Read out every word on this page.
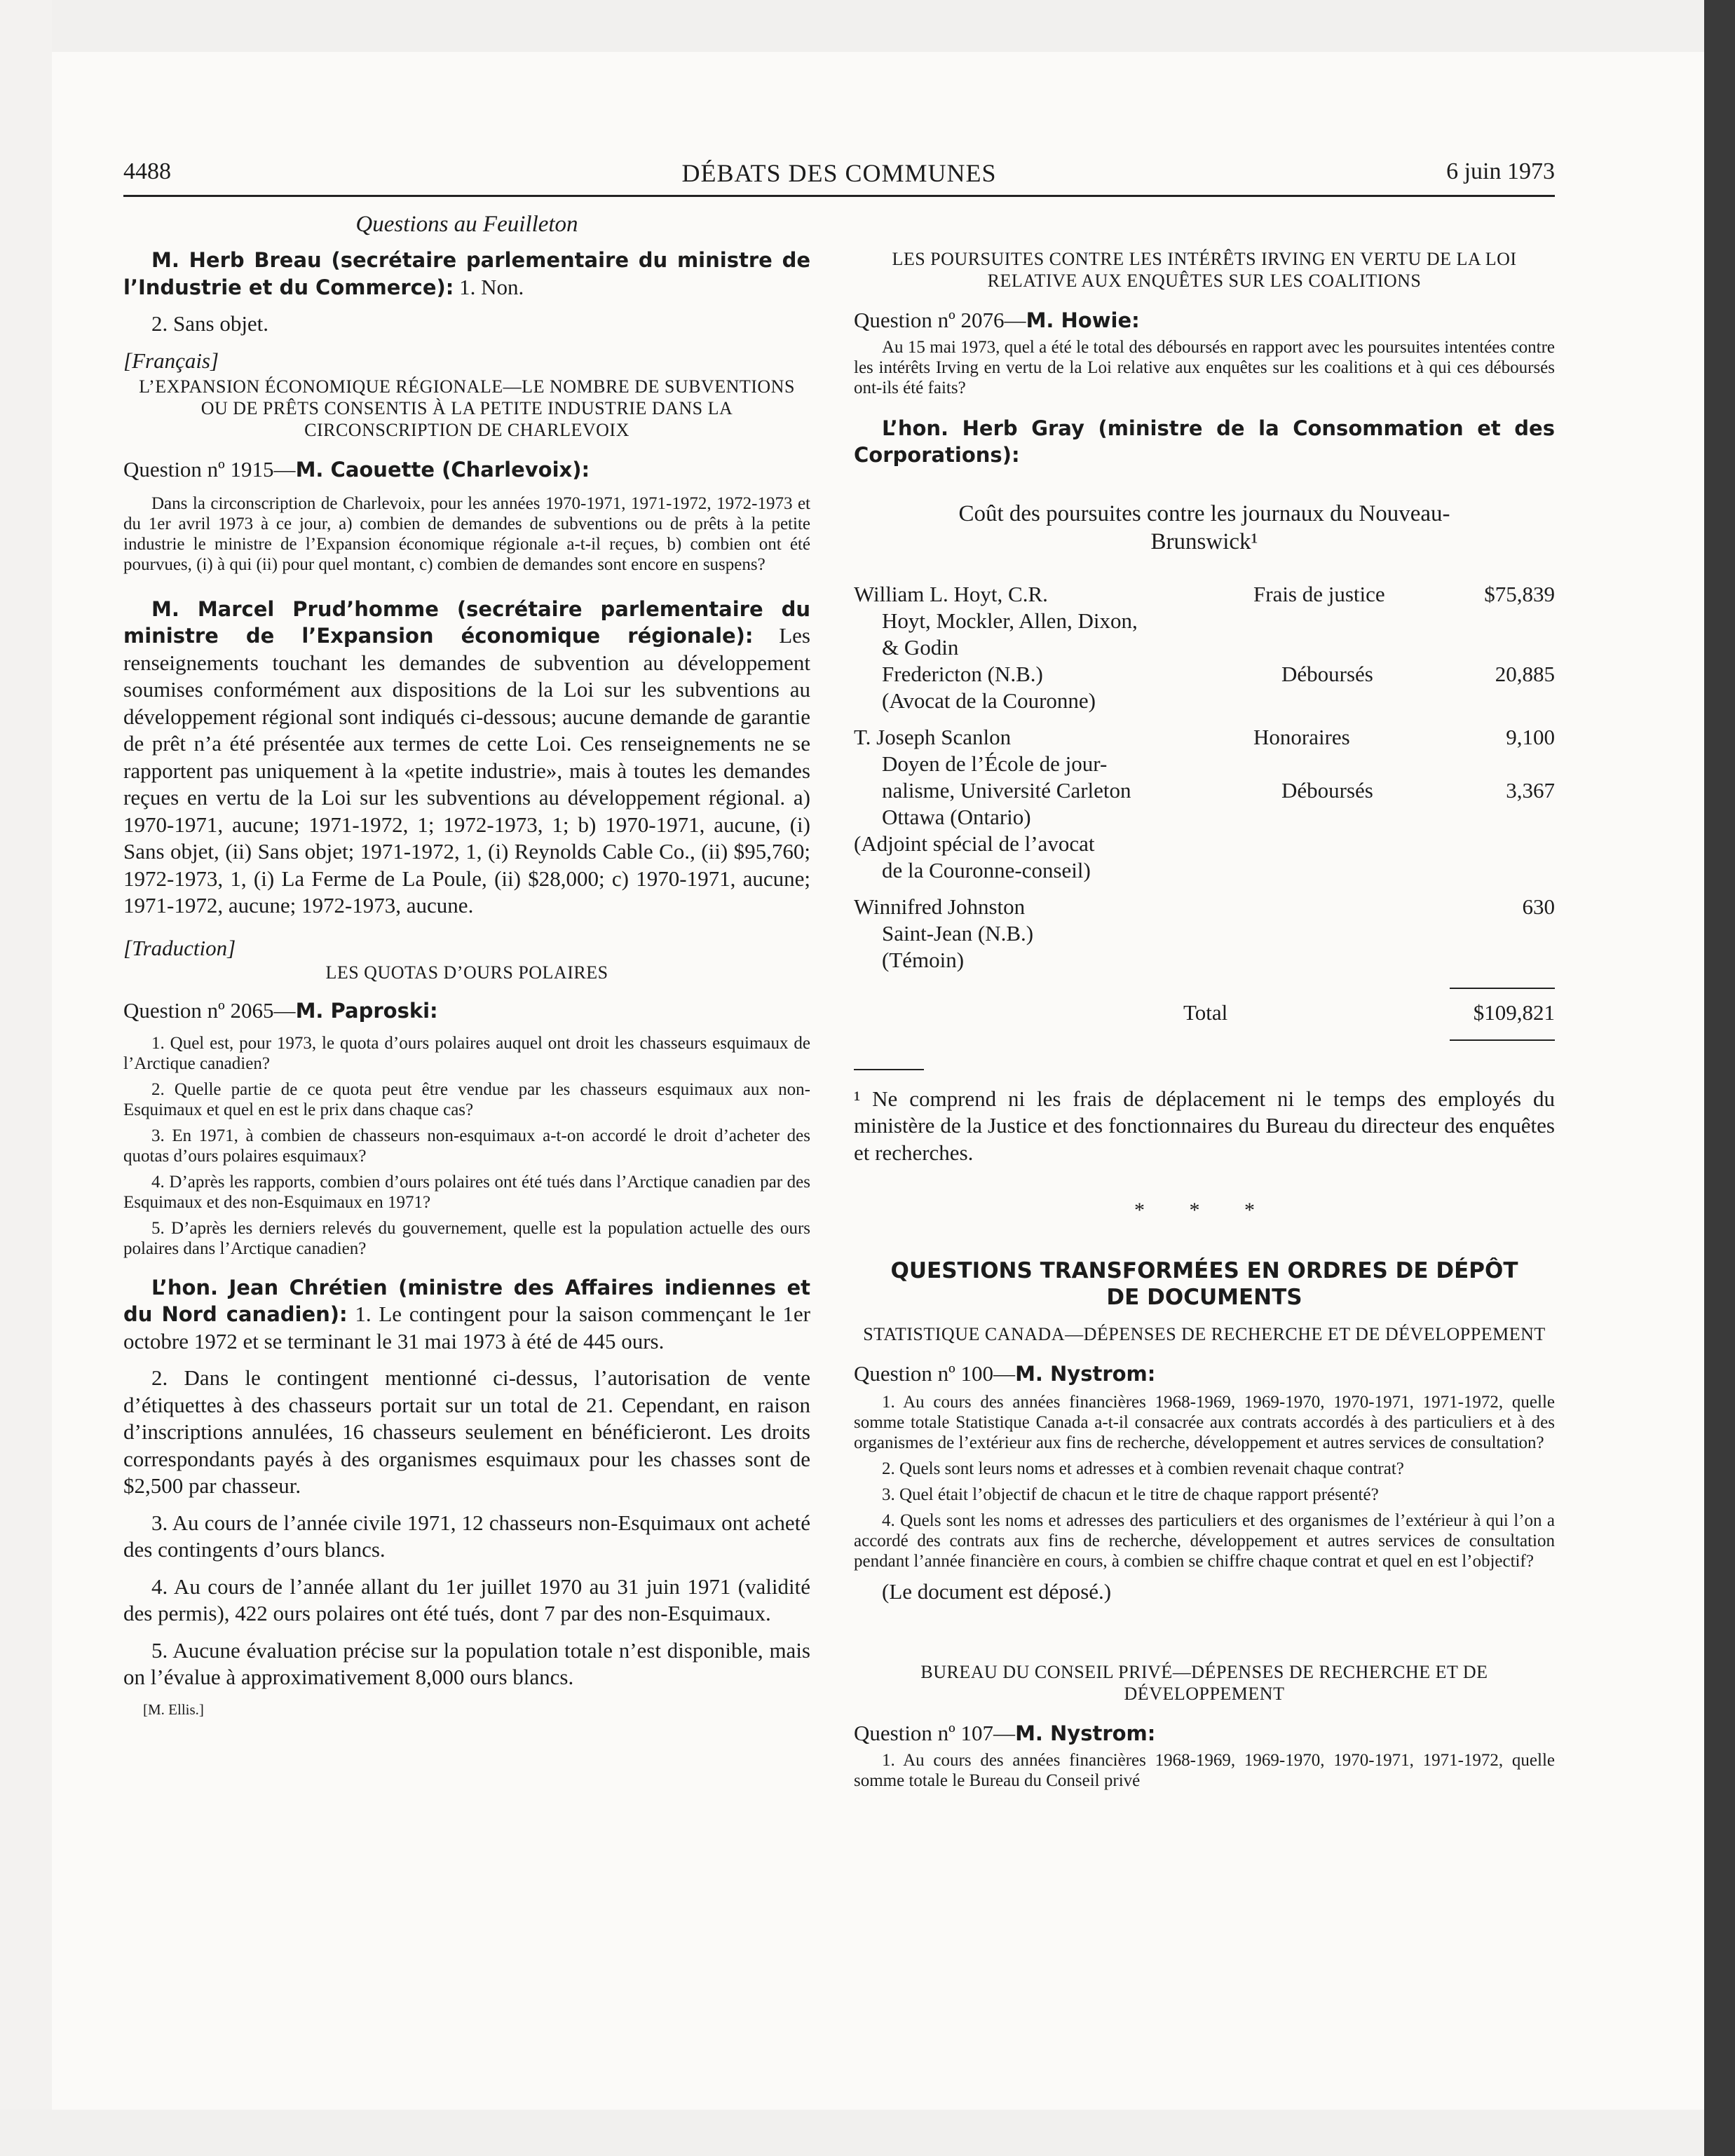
4488	DÉBATS DES COMMUNES	6 juin 1973

Questions au Feuilleton

M. Herb Breau (secrétaire parlementaire du ministre de l’Industrie et du Commerce): 1. Non.

2. Sans objet.

[Français]

L’EXPANSION ÉCONOMIQUE RÉGIONALE—LE NOMBRE DE SUBVENTIONS OU DE PRÊTS CONSENTIS À LA PETITE INDUSTRIE DANS LA CIRCONSCRIPTION DE CHARLEVOIX

Question nº 1915—M. Caouette (Charlevoix):

Dans la circonscription de Charlevoix, pour les années 1970-1971, 1971-1972, 1972-1973 et du 1er avril 1973 à ce jour, a) combien de demandes de subventions ou de prêts à la petite industrie le ministre de l’Expansion économique régionale a-t-il reçues, b) combien ont été pourvues, (i) à qui (ii) pour quel montant, c) combien de demandes sont encore en suspens?

M. Marcel Prud’homme (secrétaire parlementaire du ministre de l’Expansion économique régionale): Les renseignements touchant les demandes de subvention au développement soumises conformément aux dispositions de la Loi sur les subventions au développement régional sont indiqués ci-dessous; aucune demande de garantie de prêt n’a été présentée aux termes de cette Loi. Ces renseignements ne se rapportent pas uniquement à la «petite industrie», mais à toutes les demandes reçues en vertu de la Loi sur les subventions au développement régional. a) 1970-1971, aucune; 1971-1972, 1; 1972-1973, 1; b) 1970-1971, aucune, (i) Sans objet, (ii) Sans objet; 1971-1972, 1, (i) Reynolds Cable Co., (ii) $95,760; 1972-1973, 1, (i) La Ferme de La Poule, (ii) $28,000; c) 1970-1971, aucune; 1971-1972, aucune; 1972-1973, aucune.

[Traduction]

LES QUOTAS D’OURS POLAIRES

Question nº 2065—M. Paproski:

1. Quel est, pour 1973, le quota d’ours polaires auquel ont droit les chasseurs esquimaux de l’Arctique canadien?

2. Quelle partie de ce quota peut être vendue par les chasseurs esquimaux aux non-Esquimaux et quel en est le prix dans chaque cas?

3. En 1971, à combien de chasseurs non-esquimaux a-t-on accordé le droit d’acheter des quotas d’ours polaires esquimaux?

4. D’après les rapports, combien d’ours polaires ont été tués dans l’Arctique canadien par des Esquimaux et des non-Esquimaux en 1971?

5. D’après les derniers relevés du gouvernement, quelle est la population actuelle des ours polaires dans l’Arctique canadien?

L’hon. Jean Chrétien (ministre des Affaires indiennes et du Nord canadien): 1. Le contingent pour la saison commençant le 1er octobre 1972 et se terminant le 31 mai 1973 à été de 445 ours.

2. Dans le contingent mentionné ci-dessus, l’autorisation de vente d’étiquettes à des chasseurs portait sur un total de 21. Cependant, en raison d’inscriptions annulées, 16 chasseurs seulement en bénéficieront. Les droits correspondants payés à des organismes esquimaux pour les chasses sont de $2,500 par chasseur.

3. Au cours de l’année civile 1971, 12 chasseurs non-Esquimaux ont acheté des contingents d’ours blancs.

4. Au cours de l’année allant du 1er juillet 1970 au 31 juin 1971 (validité des permis), 422 ours polaires ont été tués, dont 7 par des non-Esquimaux.

5. Aucune évaluation précise sur la population totale n’est disponible, mais on l’évalue à approximativement 8,000 ours blancs.

[M. Ellis.]

LES POURSUITES CONTRE LES INTÉRÊTS IRVING EN VERTU DE LA LOI RELATIVE AUX ENQUÊTES SUR LES COALITIONS

Question nº 2076—M. Howie:

Au 15 mai 1973, quel a été le total des déboursés en rapport avec les poursuites intentées contre les intérêts Irving en vertu de la Loi relative aux enquêtes sur les coalitions et à qui ces déboursés ont-ils été faits?

L’hon. Herb Gray (ministre de la Consommation et des Corporations):

Coût des poursuites contre les journaux du Nouveau-Brunswick¹

William L. Hoyt, C.R.	Frais de justice	$75,839
Hoyt, Mockler, Allen, Dixon,
& Godin
Fredericton (N.B.)	Déboursés	20,885
(Avocat de la Couronne)
T. Joseph Scanlon	Honoraires	9,100
Doyen de l’École de jour-
nalisme, Université Carleton	Déboursés	3,367
Ottawa (Ontario)
(Adjoint spécial de l’avocat
de la Couronne-conseil)
Winnifred Johnston	630
Saint-Jean (N.B.)
(Témoin)
Total	$109,821

¹ Ne comprend ni les frais de déplacement ni le temps des employés du ministère de la Justice et des fonctionnaires du Bureau du directeur des enquêtes et recherches.

* * *

QUESTIONS TRANSFORMÉES EN ORDRES DE DÉPÔT DE DOCUMENTS

STATISTIQUE CANADA—DÉPENSES DE RECHERCHE ET DE DÉVELOPPEMENT

Question nº 100—M. Nystrom:

1. Au cours des années financières 1968-1969, 1969-1970, 1970-1971, 1971-1972, quelle somme totale Statistique Canada a-t-il consacrée aux contrats accordés à des particuliers et à des organismes de l’extérieur aux fins de recherche, développement et autres services de consultation?

2. Quels sont leurs noms et adresses et à combien revenait chaque contrat?

3. Quel était l’objectif de chacun et le titre de chaque rapport présenté?

4. Quels sont les noms et adresses des particuliers et des organismes de l’extérieur à qui l’on a accordé des contrats aux fins de recherche, développement et autres services de consultation pendant l’année financière en cours, à combien se chiffre chaque contrat et quel en est l’objectif?

(Le document est déposé.)

BUREAU DU CONSEIL PRIVÉ—DÉPENSES DE RECHERCHE ET DE DÉVELOPPEMENT

Question nº 107—M. Nystrom:

1. Au cours des années financières 1968-1969, 1969-1970, 1970-1971, 1971-1972, quelle somme totale le Bureau du Conseil privé
